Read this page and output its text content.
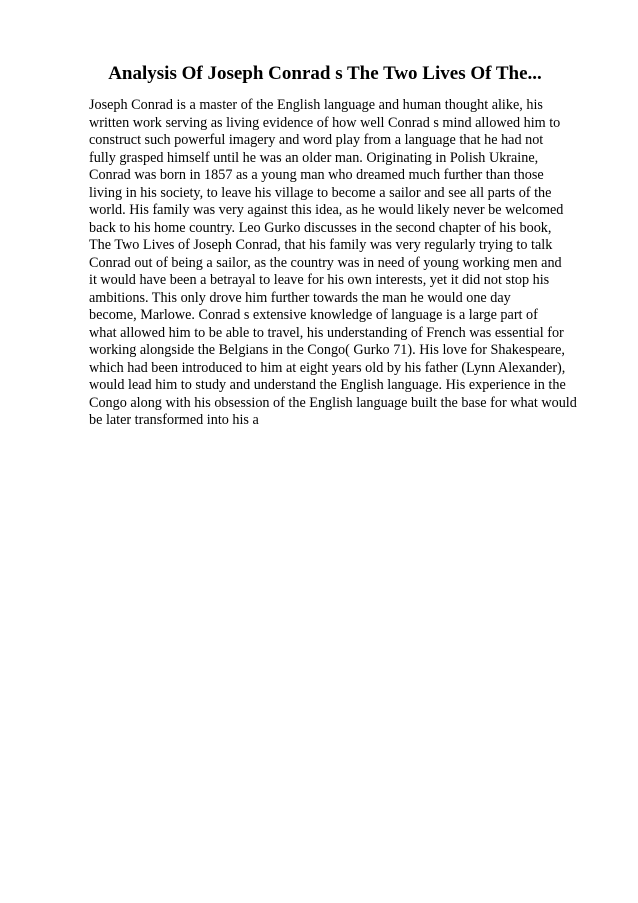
Analysis Of Joseph Conrad s The Two Lives Of The...
Joseph Conrad is a master of the English language and human thought alike, his
written work serving as living evidence of how well Conrad s mind allowed him to
construct such powerful imagery and word play from a language that he had not
fully grasped himself until he was an older man. Originating in Polish Ukraine,
Conrad was born in 1857 as a young man who dreamed much further than those
living in his society, to leave his village to become a sailor and see all parts of the
world. His family was very against this idea, as he would likely never be welcomed
back to his home country. Leo Gurko discusses in the second chapter of his book,
The Two Lives of Joseph Conrad, that his family was very regularly trying to talk
Conrad out of being a sailor, as the country was in need of young working men and
it would have been a betrayal to leave for his own interests, yet it did not stop his
ambitions. This only drove him further towards the man he would one day
become, Marlowe. Conrad s extensive knowledge of language is a large part of
what allowed him to be able to travel, his understanding of French was essential for
working alongside the Belgians in the Congo( Gurko 71). His love for Shakespeare,
which had been introduced to him at eight years old by his father (Lynn Alexander),
would lead him to study and understand the English language. His experience in the
Congo along with his obsession of the English language built the base for what would
be later transformed into his a
